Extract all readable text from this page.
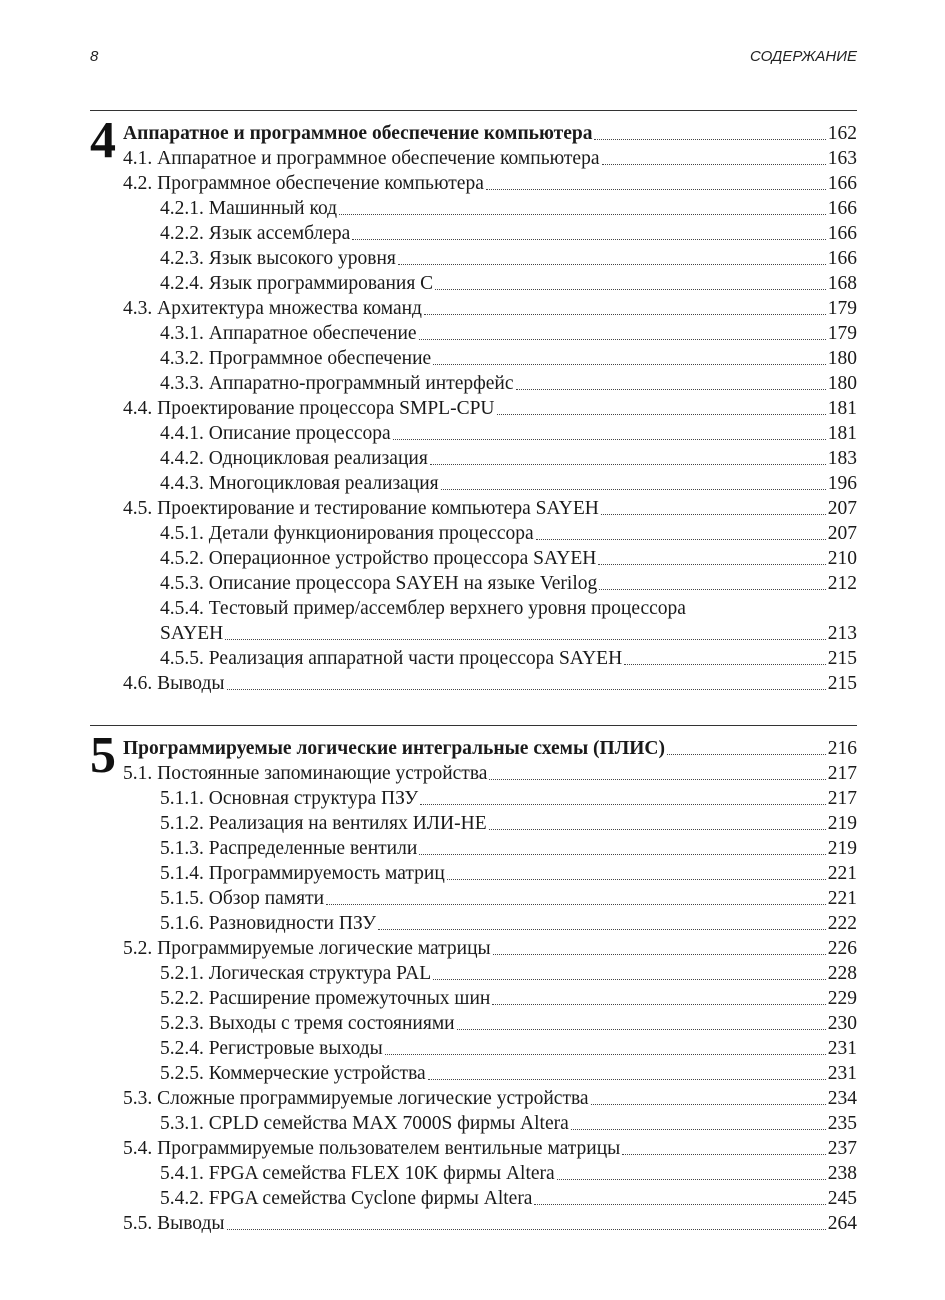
8	СОДЕРЖАНИЕ
4 Аппаратное и программное обеспечение компьютера	162
4.1. Аппаратное и программное обеспечение компьютера	163
4.2. Программное обеспечение компьютера	166
4.2.1. Машинный код	166
4.2.2. Язык ассемблера	166
4.2.3. Язык высокого уровня	166
4.2.4. Язык программирования C	168
4.3. Архитектура множества команд	179
4.3.1. Аппаратное обеспечение	179
4.3.2. Программное обеспечение	180
4.3.3. Аппаратно-программный интерфейс	180
4.4. Проектирование процессора SMPL-CPU	181
4.4.1. Описание процессора	181
4.4.2. Одноцикловая реализация	183
4.4.3. Многоцикловая реализация	196
4.5. Проектирование и тестирование компьютера SAYEH	207
4.5.1. Детали функционирования процессора	207
4.5.2. Операционное устройство процессора SAYEH	210
4.5.3. Описание процессора SAYEH на языке Verilog	212
4.5.4. Тестовый пример/ассемблер верхнего уровня процессора
SAYEH	213
4.5.5. Реализация аппаратной части процессора SAYEH	215
4.6. Выводы	215
5 Программируемые логические интегральные схемы (ПЛИС)	216
5.1. Постоянные запоминающие устройства	217
5.1.1. Основная структура ПЗУ	217
5.1.2. Реализация на вентилях ИЛИ-НЕ	219
5.1.3. Распределенные вентили	219
5.1.4. Программируемость матриц	221
5.1.5. Обзор памяти	221
5.1.6. Разновидности ПЗУ	222
5.2. Программируемые логические матрицы	226
5.2.1. Логическая структура PAL	228
5.2.2. Расширение промежуточных шин	229
5.2.3. Выходы с тремя состояниями	230
5.2.4. Регистровые выходы	231
5.2.5. Коммерческие устройства	231
5.3. Сложные программируемые логические устройства	234
5.3.1. CPLD семейства MAX 7000S фирмы Altera	235
5.4. Программируемые пользователем вентильные матрицы	237
5.4.1. FPGA семейства FLEX 10K фирмы Altera	238
5.4.2. FPGA семейства Cyclone фирмы Altera	245
5.5. Выводы	264
